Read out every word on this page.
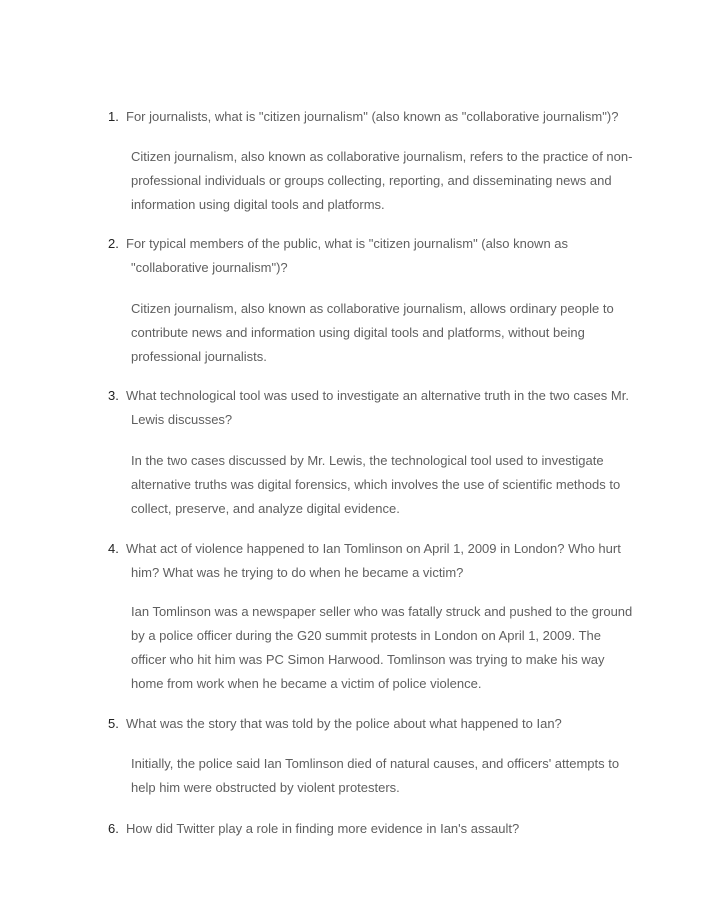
1. For journalists, what is "citizen journalism" (also known as "collaborative journalism")?
Citizen journalism, also known as collaborative journalism, refers to the practice of non-
professional individuals or groups collecting, reporting, and disseminating news and
information using digital tools and platforms.
2. For typical members of the public, what is "citizen journalism" (also known as
"collaborative journalism")?
Citizen journalism, also known as collaborative journalism, allows ordinary people to
contribute news and information using digital tools and platforms, without being
professional journalists.
3. What technological tool was used to investigate an alternative truth in the two cases Mr.
Lewis discusses?
In the two cases discussed by Mr. Lewis, the technological tool used to investigate
alternative truths was digital forensics, which involves the use of scientific methods to
collect, preserve, and analyze digital evidence.
4. What act of violence happened to Ian Tomlinson on April 1, 2009 in London? Who hurt
him? What was he trying to do when he became a victim?
Ian Tomlinson was a newspaper seller who was fatally struck and pushed to the ground
by a police officer during the G20 summit protests in London on April 1, 2009. The
officer who hit him was PC Simon Harwood. Tomlinson was trying to make his way
home from work when he became a victim of police violence.
5. What was the story that was told by the police about what happened to Ian?
Initially, the police said Ian Tomlinson died of natural causes, and officers' attempts to
help him were obstructed by violent protesters.
6. How did Twitter play a role in finding more evidence in Ian's assault?
